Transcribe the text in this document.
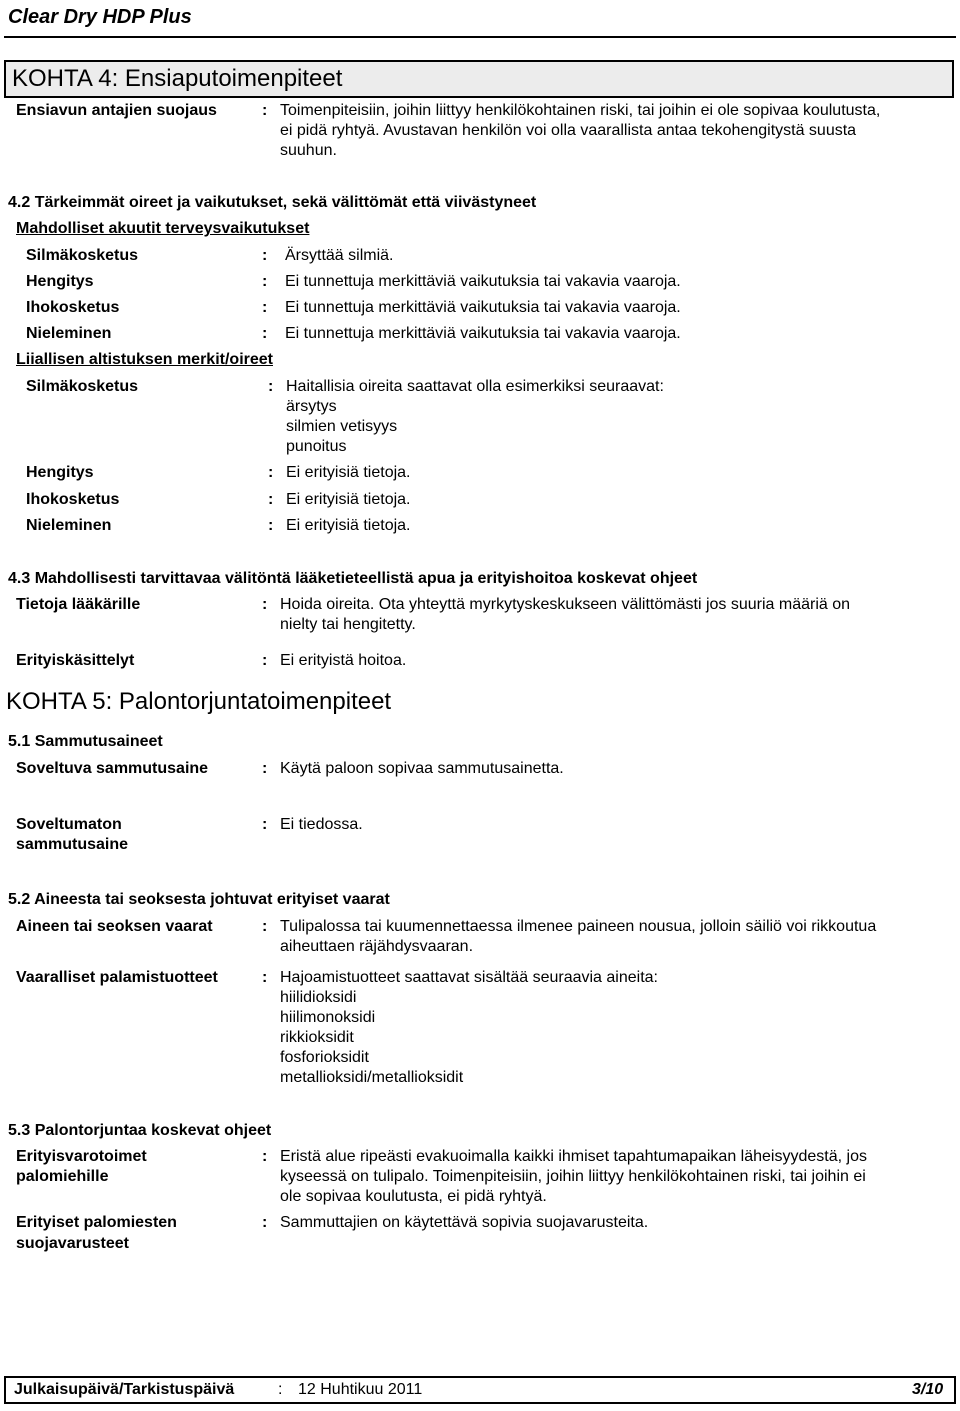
Clear Dry HDP Plus
KOHTA 4: Ensiaputoimenpiteet
Ensiavun antajien suojaus	: Toimenpiteisiin, joihin liittyy henkilökohtainen riski, tai joihin ei ole sopivaa koulutusta,
ei pidä ryhtyä. Avustavan henkilön voi olla vaarallista antaa tekohengitystä suusta
suuhun.
4.2 Tärkeimmät oireet ja vaikutukset, sekä välittömät että viivästyneet
Mahdolliset akuutit terveysvaikutukset
Silmäkosketus	: Ärsyttää silmiä.
Hengitys	: Ei tunnettuja merkittäviä vaikutuksia tai vakavia vaaroja.
Ihokosketus	: Ei tunnettuja merkittäviä vaikutuksia tai vakavia vaaroja.
Nieleminen	: Ei tunnettuja merkittäviä vaikutuksia tai vakavia vaaroja.
Liiallisen altistuksen merkit/oireet
Silmäkosketus	: Haitallisia oireita saattavat olla esimerkiksi seuraavat:
ärsytys
silmien vetisyys
punoitus
Hengitys	: Ei erityisiä tietoja.
Ihokosketus	: Ei erityisiä tietoja.
Nieleminen	: Ei erityisiä tietoja.
4.3 Mahdollisesti tarvittavaa välitöntä lääketieteellistä apua ja erityishoitoa koskevat ohjeet
Tietoja lääkärille	: Hoida oireita. Ota yhteyttä myrkytyskeskukseen välittömästi jos suuria määriä on
nielty tai hengitetty.
Erityiskäsittelyt	: Ei erityistä hoitoa.
KOHTA 5: Palontorjuntatoimenpiteet
5.1 Sammutusaineet
Soveltuva sammutusaine	: Käytä paloon sopivaa sammutusainetta.
Soveltumaton
sammutusaine
: Ei tiedossa.
5.2 Aineesta tai seoksesta johtuvat erityiset vaarat
Aineen tai seoksen vaarat	: Tulipalossa tai kuumennettaessa ilmenee paineen nousua, jolloin säiliö voi rikkoutua
aiheuttaen räjähdysvaaran.
Vaaralliset palamistuotteet	: Hajoamistuotteet saattavat sisältää seuraavia aineita:
hiilidioksidi
hiilimonoksidi
rikkioksidit
fosforioksidit
metallioksidi/metallioksidit
5.3 Palontorjuntaa koskevat ohjeet
Erityisvarotoimet
palomiehille
: Eristä alue ripeästi evakuoimalla kaikki ihmiset tapahtumapaikan läheisyydestä, jos
kyseessä on tulipalo. Toimenpiteisiin, joihin liittyy henkilökohtainen riski, tai joihin ei
ole sopivaa koulutusta, ei pidä ryhtyä.
Erityiset palomiesten
suojavarusteet
: Sammuttajien on käytettävä sopivia suojavarusteita.
Julkaisupäivä/Tarkistuspäivä	: 12 Huhtikuu 2011	3/10
